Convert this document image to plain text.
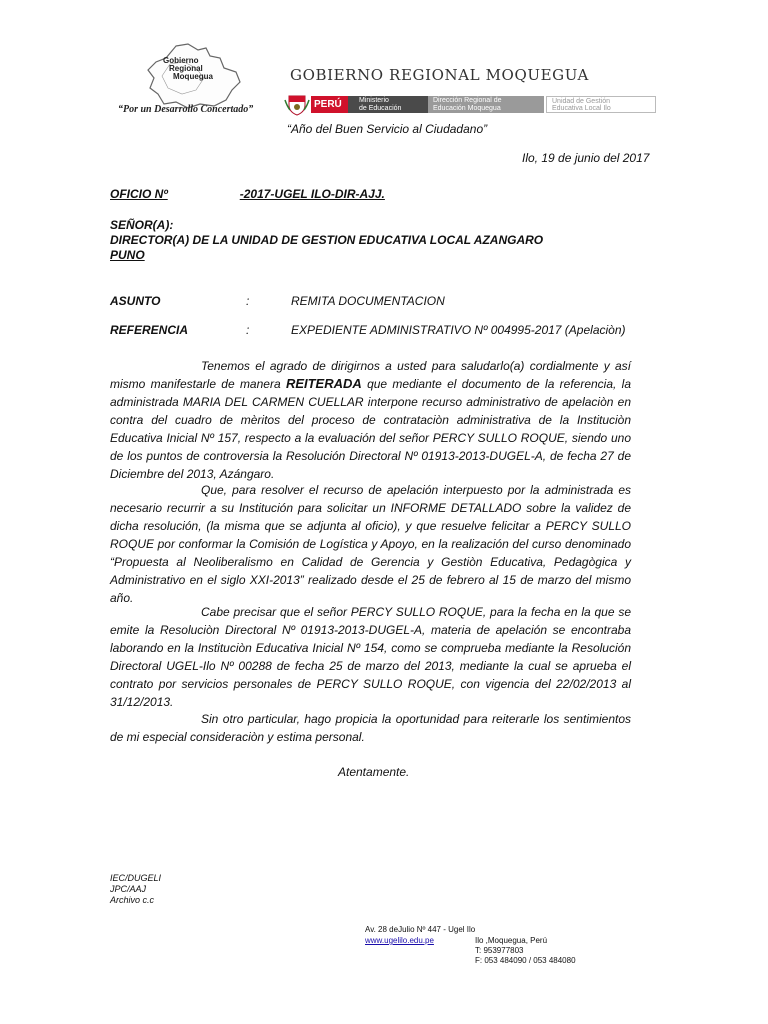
Gobierno
Regional
Moquegua
“Por un Desarrollo Concertado”
GOBIERNO REGIONAL MOQUEGUA
PERÚ	Ministerio
de Educación
Dirección Regional de
Educación Moquegua
Unidad de Gestión
Educativa Local Ilo
“Año del Buen Servicio al Ciudadano”
Ilo, 19 de junio del 2017
OFICIO Nº	-2017-UGEL ILO-DIR-AJJ.
SEÑOR(A):
DIRECTOR(A) DE LA UNIDAD DE GESTION EDUCATIVA LOCAL AZANGARO
PUNO
ASUNTO	:	REMITA DOCUMENTACION
REFERENCIA	:	EXPEDIENTE ADMINISTRATIVO Nº 004995-2017 (Apelaciòn)
Tenemos el agrado de dirigirnos a usted para saludarlo(a) cordialmente y así mismo manifestarle de manera REITERADA que mediante el documento de la referencia, la administrada MARIA DEL CARMEN CUELLAR interpone recurso administrativo de apelaciòn en contra del cuadro de mèritos del proceso de contrataciòn administrativa de la Instituciòn Educativa Inicial Nº 157, respecto a la evaluación del señor PERCY SULLO ROQUE, siendo uno de los puntos de controversia la Resolución Directoral Nº 01913-2013-DUGEL-A, de fecha 27 de Diciembre del 2013, Azángaro.
Que, para resolver el recurso de apelación interpuesto por la administrada es necesario recurrir a su Institución para solicitar un INFORME DETALLADO sobre la validez de dicha resolución, (la misma que se adjunta al oficio), y que resuelve felicitar a PERCY SULLO ROQUE por conformar la Comisión de Logística y Apoyo, en la realización del curso denominado “Propuesta al Neoliberalismo en Calidad de Gerencia y Gestiòn Educativa, Pedagògica y Administrativo en el siglo XXI-2013” realizado desde el 25 de febrero al 15 de marzo del mismo año.
Cabe precisar que el señor PERCY SULLO ROQUE, para la fecha en la que se emite la Resoluciòn Directoral Nº 01913-2013-DUGEL-A, materia de apelación se encontraba laborando en la Instituciòn Educativa Inicial Nº 154, como se comprueba mediante la Resolución Directoral UGEL-Ilo Nº 00288 de fecha 25 de marzo del 2013, mediante la cual se aprueba el contrato por servicios personales de PERCY SULLO ROQUE, con vigencia del 22/02/2013 al 31/12/2013.
Sin otro particular, hago propicia la oportunidad para reiterarle los sentimientos de mi especial consideraciòn y estima personal.
Atentamente.
IEC/DUGELI
JPC/AAJ
Archivo c.c
Av. 28 deJulio Nº 447 - Ugel Ilo
www.ugelilo.edu.pe	Ilo ,Moquegua, Perú
T: 953977803
F: 053 484090 / 053 484080
